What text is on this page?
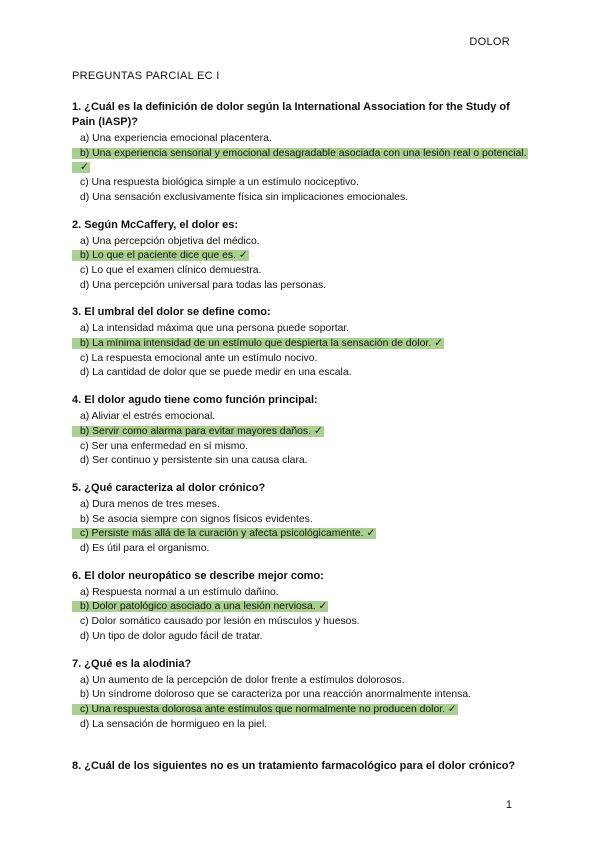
DOLOR
PREGUNTAS PARCIAL EC I
1. ¿Cuál es la definición de dolor según la International Association for the Study of Pain (IASP)?
a) Una experiencia emocional placentera.
b) Una experiencia sensorial y emocional desagradable asociada con una lesión real o potencial. ✓
c) Una respuesta biológica simple a un estímulo nociceptivo.
d) Una sensación exclusivamente física sin implicaciones emocionales.
2. Según McCaffery, el dolor es:
a) Una percepción objetiva del médico.
b) Lo que el paciente dice que es. ✓
c) Lo que el examen clínico demuestra.
d) Una percepción universal para todas las personas.
3. El umbral del dolor se define como:
a) La intensidad máxima que una persona puede soportar.
b) La mínima intensidad de un estímulo que despierta la sensación de dolor. ✓
c) La respuesta emocional ante un estímulo nocivo.
d) La cantidad de dolor que se puede medir en una escala.
4. El dolor agudo tiene como función principal:
a) Aliviar el estrés emocional.
b) Servir como alarma para evitar mayores daños. ✓
c) Ser una enfermedad en sí mismo.
d) Ser continuo y persistente sin una causa clara.
5. ¿Qué caracteriza al dolor crónico?
a) Dura menos de tres meses.
b) Se asocia siempre con signos físicos evidentes.
c) Persiste más allá de la curación y afecta psicológicamente. ✓
d) Es útil para el organismo.
6. El dolor neuropático se describe mejor como:
a) Respuesta normal a un estímulo dañino.
b) Dolor patológico asociado a una lesión nerviosa. ✓
c) Dolor somático causado por lesión en músculos y huesos.
d) Un tipo de dolor agudo fácil de tratar.
7. ¿Qué es la alodinia?
a) Un aumento de la percepción de dolor frente a estímulos dolorosos.
b) Un síndrome doloroso que se caracteriza por una reacción anormalmente intensa.
c) Una respuesta dolorosa ante estímulos que normalmente no producen dolor. ✓
d) La sensación de hormigueo en la piel.
8. ¿Cuál de los siguientes no es un tratamiento farmacológico para el dolor crónico?
1
